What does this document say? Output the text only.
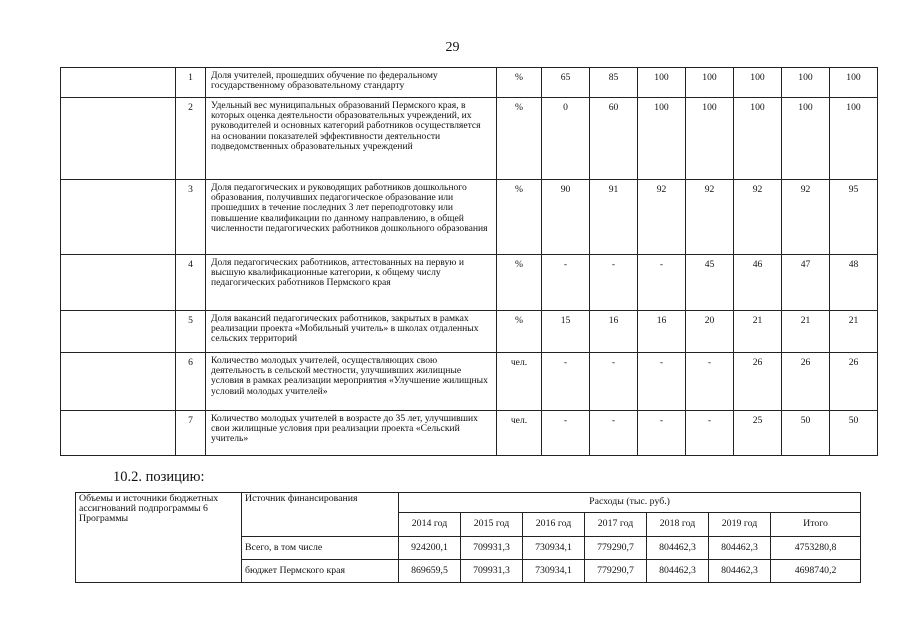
29
	1	Доля учителей, прошедших обучение по федеральному государственному образовательному стандарту	%	65	85	100	100	100	100	100
	2	Удельный вес муниципальных образований Пермского края, в которых оценка деятельности образовательных учреждений, их руководителей и основных категорий работников осуществляется на основании показателей эффективности деятельности подведомственных образовательных учреждений	%	0	60	100	100	100	100	100
	3	Доля педагогических и руководящих работников дошкольного образования, получивших педагогическое образование или прошедших в течение последних 3 лет переподготовку или повышение квалификации по данному направлению, в общей численности педагогических работников дошкольного образования	%	90	91	92	92	92	92	95
	4	Доля педагогических работников, аттестованных на первую и высшую квалификационные категории, к общему числу педагогических работников Пермского края	%	-	-	-	45	46	47	48
	5	Доля вакансий педагогических работников, закрытых в рамках реализации проекта «Мобильный учитель» в школах отдаленных сельских территорий	%	15	16	16	20	21	21	21
	6	Количество молодых учителей, осуществляющих свою деятельность в сельской местности, улучшивших жилищные условия в рамках реализации мероприятия «Улучшение жилищных условий молодых учителей»	чел.	-	-	-	-	26	26	26
	7	Количество молодых учителей в возрасте до 35 лет, улучшивших свои жилищные условия при реализации проекта «Сельский учитель»	чел.	-	-	-	-	25	50	50
10.2. позицию:
Объемы и источники бюджетных ассигнований подпрограммы 6 Программы	Источник финансирования	Расходы (тыс. руб.)						
		2014 год	2015 год	2016 год	2017 год	2018 год	2019 год	Итого
	Всего, в том числе	924200,1	709931,3	730934,1	779290,7	804462,3	804462,3	4753280,8
	бюджет Пермского края	869659,5	709931,3	730934,1	779290,7	804462,3	804462,3	4698740,2
